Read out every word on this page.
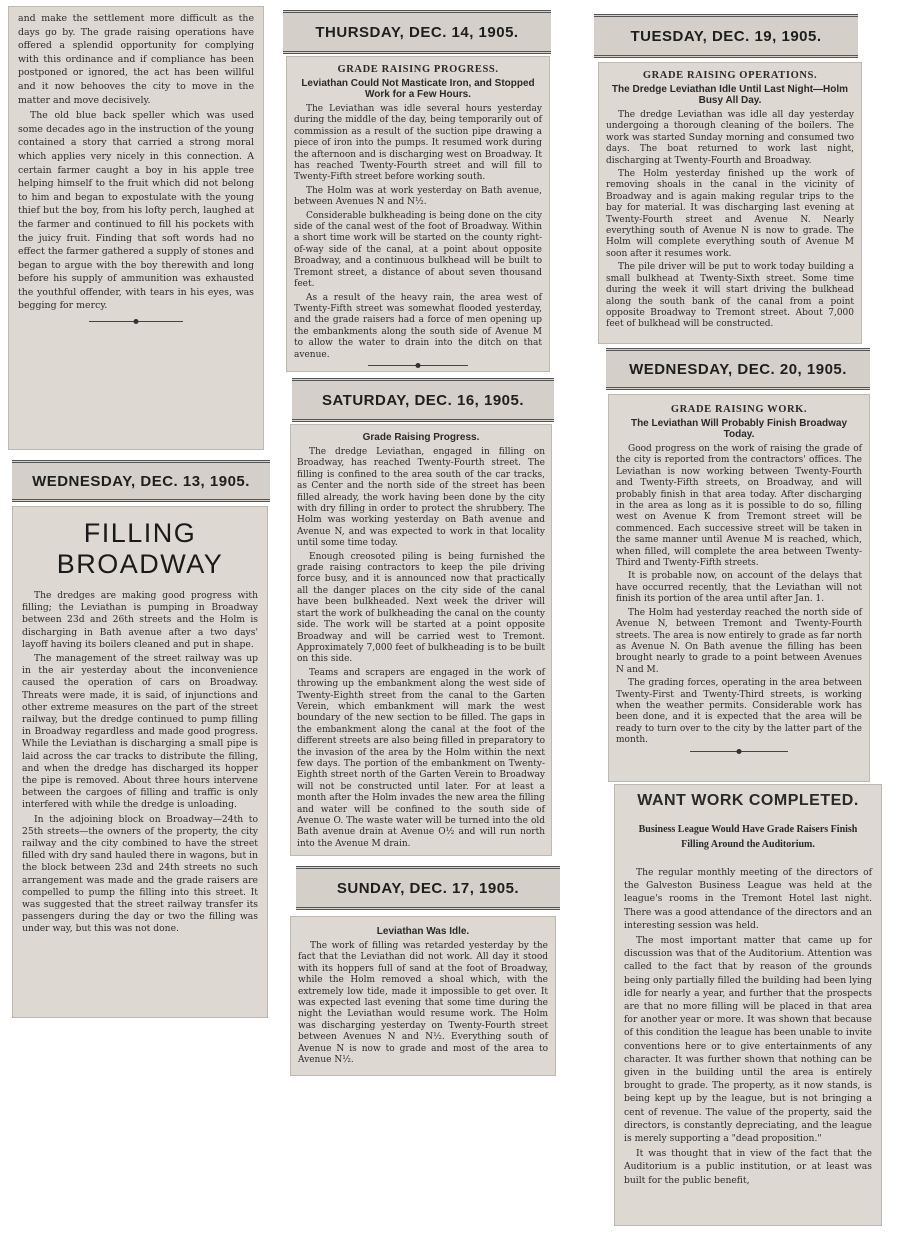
and make the settlement more difficult as the days go by. The grade raising operations have offered a splendid opportunity for complying with this ordinance and if compliance has been postponed or ignored, the act has been willful and it now behooves the city to move in the matter and move decisively.

The old blue back speller which was used some decades ago in the instruction of the young contained a story that carried a strong moral which applies very nicely in this connection. A certain farmer caught a boy in his apple tree helping himself to the fruit which did not belong to him and began to expostulate with the young thief but the boy, from his lofty perch, laughed at the farmer and continued to fill his pockets with the juicy fruit. Finding that soft words had no effect the farmer gathered a supply of stones and began to argue with the boy therewith and long before his supply of ammunition was exhausted the youthful offender, with tears in his eyes, was begging for mercy.

WEDNESDAY, DEC. 13, 1905.
FILLING BROADWAY

The dredges are making good progress with filling; the Leviathan is pumping in Broadway between 23d and 26th streets and the Holm is discharging in Bath avenue after a two days' layoff having its boilers cleaned and put in shape.

The management of the street railway was up in the air yesterday about the inconvenience caused the operation of cars on Broadway. Threats were made, it is said, of injunctions and other extreme measures on the part of the street railway, but the dredge continued to pump filling in Broadway regardless and made good progress. While the Leviathan is discharging a small pipe is laid across the car tracks to distribute the filling, and when the dredge has discharged its hopper the pipe is removed. About three hours intervene between the cargoes of filling and traffic is only interfered with while the dredge is unloading.

In the adjoining block on Broadway—24th to 25th streets—the owners of the property, the city railway and the city combined to have the street filled with dry sand hauled there in wagons, but in the block between 23d and 24th streets no such arrangement was made and the grade raisers are compelled to pump the filling into this street. It was suggested that the street railway transfer its passengers during the day or two the filling was under way, but this was not done.

THURSDAY, DEC. 14, 1905.
GRADE RAISING PROGRESS.
Leviathan Could Not Masticate Iron, and Stopped Work for a Few Hours.

The Leviathan was idle several hours yesterday during the middle of the day, being temporarily out of commission as a result of the suction pipe drawing a piece of iron into the pumps. It resumed work during the afternoon and is discharging west on Broadway. It has reached Twenty-Fourth street and will fill to Twenty-Fifth street before working south.

The Holm was at work yesterday on Bath avenue, between Avenues N and N½.

Considerable bulkheading is being done on the city side of the canal west of the foot of Broadway. Within a short time work will be started on the county right-of-way side of the canal, at a point about opposite Broadway, and a continuous bulkhead will be built to Tremont street, a distance of about seven thousand feet.

As a result of the heavy rain, the area west of Twenty-Fifth street was somewhat flooded yesterday, and the grade raisers had a force of men opening up the embankments along the south side of Avenue M to allow the water to drain into the ditch on that avenue.

SATURDAY, DEC. 16, 1905.
Grade Raising Progress.

The dredge Leviathan, engaged in filling on Broadway, has reached Twenty-Fourth street. The filling is confined to the area south of the car tracks, as Center and the north side of the street has been filled already, the work having been done by the city with dry filling in order to protect the shrubbery. The Holm was working yesterday on Bath avenue and Avenue N, and was expected to work in that locality until some time today.

Enough creosoted piling is being furnished the grade raising contractors to keep the pile driving force busy, and it is announced now that practically all the danger places on the city side of the canal have been bulkheaded. Next week the driver will start the work of bulkheading the canal on the county side. The work will be started at a point opposite Broadway and will be carried west to Tremont. Approximately 7,000 feet of bulkheading is to be built on this side.

Teams and scrapers are engaged in the work of throwing up the embankment along the west side of Twenty-Eighth street from the canal to the Garten Verein, which embankment will mark the west boundary of the new section to be filled. The gaps in the embankment along the canal at the foot of the different streets are also being filled in preparatory to the invasion of the area by the Holm within the next few days. The portion of the embankment on Twenty-Eighth street north of the Garten Verein to Broadway will not be constructed until later. For at least a month after the Holm invades the new area the filling and water will be confined to the south side of Avenue O. The waste water will be turned into the old Bath avenue drain at Avenue O½ and will run north into the Avenue M drain.

SUNDAY, DEC. 17, 1905.
Leviathan Was Idle.

The work of filling was retarded yesterday by the fact that the Leviathan did not work. All day it stood with its hoppers full of sand at the foot of Broadway, while the Holm removed a shoal which, with the extremely low tide, made it impossible to get over. It was expected last evening that some time during the night the Leviathan would resume work. The Holm was discharging yesterday on Twenty-Fourth street between Avenues N and N½. Everything south of Avenue N is now to grade and most of the area to Avenue N½.

TUESDAY, DEC. 19, 1905.
GRADE RAISING OPERATIONS.
The Dredge Leviathan Idle Until Last Night—Holm Busy All Day.

The dredge Leviathan was idle all day yesterday undergoing a thorough cleaning of the boilers. The work was started Sunday morning and consumed two days. The boat returned to work last night, discharging at Twenty-Fourth and Broadway.

The Holm yesterday finished up the work of removing shoals in the canal in the vicinity of Broadway and is again making regular trips to the bay for material. It was discharging last evening at Twenty-Fourth street and Avenue N. Nearly everything south of Avenue N is now to grade. The Holm will complete everything south of Avenue M soon after it resumes work.

The pile driver will be put to work today building a small bulkhead at Twenty-Sixth street. Some time during the week it will start driving the bulkhead along the south bank of the canal from a point opposite Broadway to Tremont street. About 7,000 feet of bulkhead will be constructed.

WEDNESDAY, DEC. 20, 1905.
GRADE RAISING WORK.
The Leviathan Will Probably Finish Broadway Today.

Good progress on the work of raising the grade of the city is reported from the contractors' offices. The Leviathan is now working between Twenty-Fourth and Twenty-Fifth streets, on Broadway, and will probably finish in that area today. After discharging in the area as long as it is possible to do so, filling west on Avenue K from Tremont street will be commenced. Each successive street will be taken in the same manner until Avenue M is reached, which, when filled, will complete the area between Twenty-Third and Twenty-Fifth streets.

It is probable now, on account of the delays that have occurred recently, that the Leviathan will not finish its portion of the area until after Jan. 1.

The Holm had yesterday reached the north side of Avenue N, between Tremont and Twenty-Fourth streets. The area is now entirely to grade as far north as Avenue N. On Bath avenue the filling has been brought nearly to grade to a point between Avenues N and M.

The grading forces, operating in the area between Twenty-First and Twenty-Third streets, is working when the weather permits. Considerable work has been done, and it is expected that the area will be ready to turn over to the city by the latter part of the month.

WANT WORK COMPLETED.
Business League Would Have Grade Raisers Finish Filling Around the Auditorium.

The regular monthly meeting of the directors of the Galveston Business League was held at the league's rooms in the Tremont Hotel last night. There was a good attendance of the directors and an interesting session was held.

The most important matter that came up for discussion was that of the Auditorium. Attention was called to the fact that by reason of the grounds being only partially filled the building had been lying idle for nearly a year, and further that the prospects are that no more filling will be placed in that area for another year or more. It was shown that because of this condition the league has been unable to invite conventions here or to give entertainments of any character. It was further shown that nothing can be given in the building until the area is entirely brought to grade. The property, as it now stands, is being kept up by the league, but is not bringing a cent of revenue. The value of the property, said the directors, is constantly depreciating, and the league is merely supporting a "dead proposition."

It was thought that in view of the fact that the Auditorium is a public institution, or at least was built for the public benefit,
